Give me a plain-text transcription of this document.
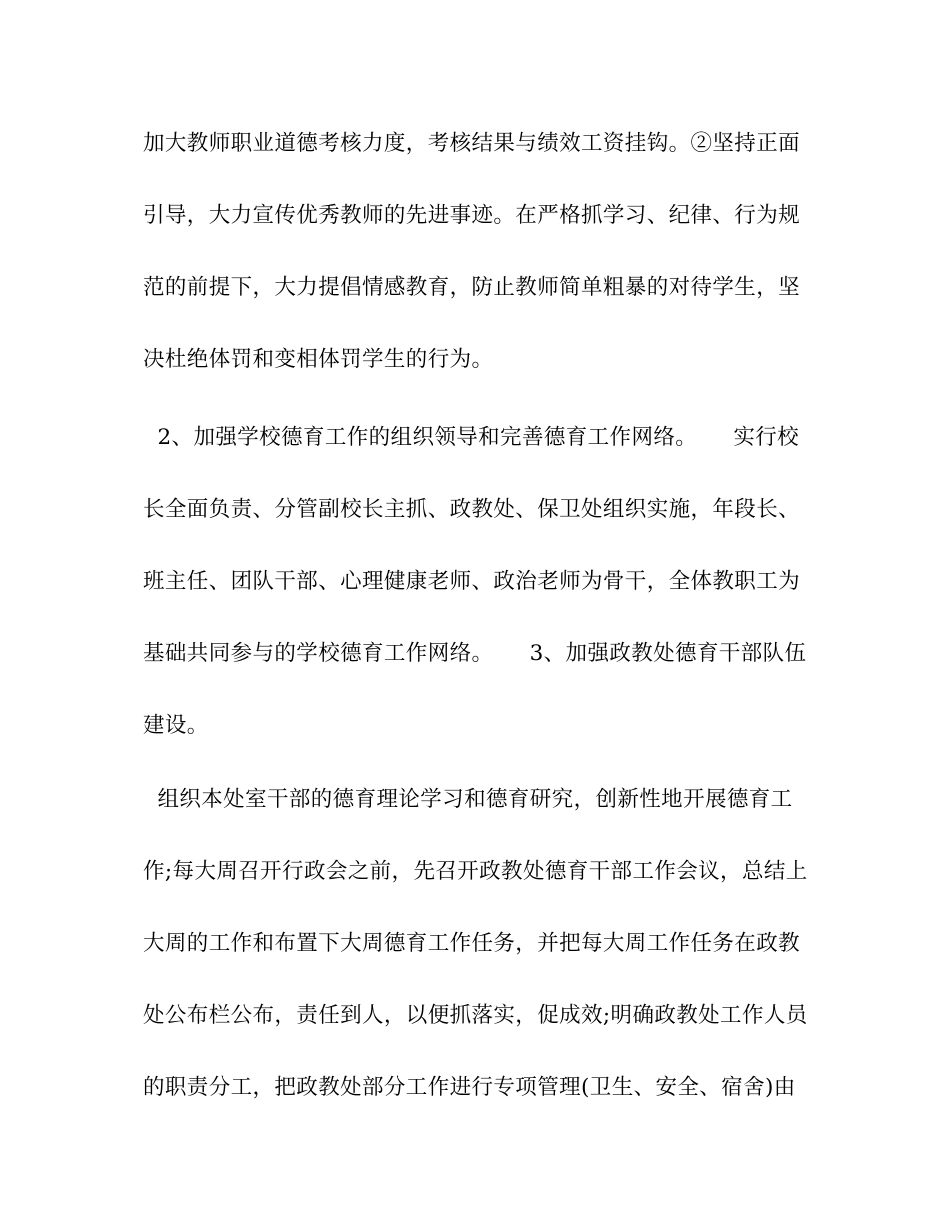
加大教师职业道德考核力度，考核结果与绩效工资挂钩。②坚持正面
引导，大力宣传优秀教师的先进事迹。在严格抓学习、纪律、行为规
范的前提下，大力提倡情感教育，防止教师简单粗暴的对待学生，坚
决杜绝体罚和变相体罚学生的行为。
2、加强学校德育工作的组织领导和完善德育工作网络。     实行校
长全面负责、分管副校长主抓、政教处、保卫处组织实施，年段长、
班主任、团队干部、心理健康老师、政治老师为骨干，全体教职工为
基础共同参与的学校德育工作网络。     3、加强政教处德育干部队伍
建设。
组织本处室干部的德育理论学习和德育研究，创新性地开展德育工
作;每大周召开行政会之前，先召开政教处德育干部工作会议，总结上
大周的工作和布置下大周德育工作任务，并把每大周工作任务在政教
处公布栏公布，责任到人，以便抓落实，促成效;明确政教处工作人员
的职责分工，把政教处部分工作进行专项管理(卫生、安全、宿舍)由
